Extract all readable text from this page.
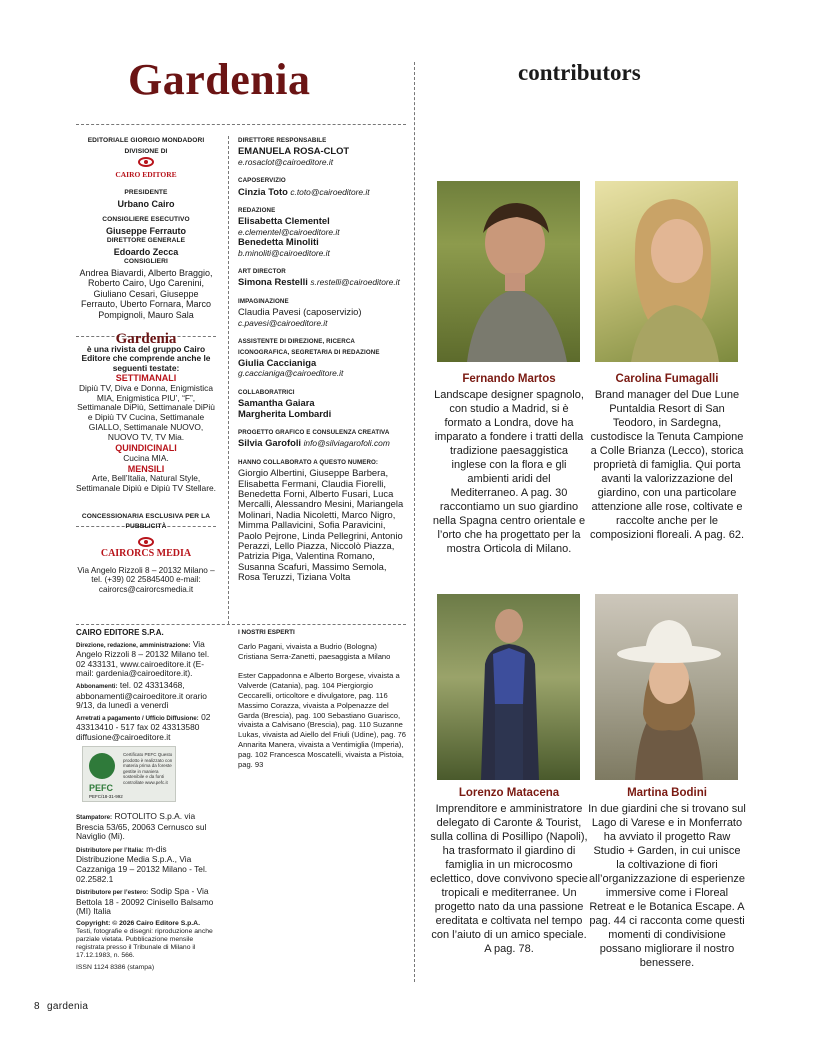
Gardenia	contributors
EDITORIALE GIORGIO MONDADORI
DIVISIONE DI
CAIRO EDITORE
PRESIDENTE
Urbano Cairo
CONSIGLIERE ESECUTIVO
Giuseppe Ferrauto
DIRETTORE GENERALE
Edoardo Zecca
CONSIGLIERI
Andrea Biavardi, Alberto Braggio, Roberto Cairo, Ugo Carenini, Giuliano Cesari, Giuseppe Ferrauto, Uberto Fornara, Marco Pompignoli, Mauro Sala
Gardenia
è una rivista del gruppo Cairo Editore che comprende anche le seguenti testate:
SETTIMANALI
Dipiù TV, Diva e Donna, Enigmistica MIA, Enigmistica PIU’, “F”, Settimanale DiPiù, Settimanale DiPiù e Dipiù TV Cucina, Settimanale GIALLO, Settimanale NUOVO, NUOVO TV, TV Mia.
QUINDICINALI
Cucina MIA.
MENSILI
Arte, Bell’Italia, Natural Style, Settimanale Dipiù e Dipiù TV Stellare.
CONCESSIONARIA ESCLUSIVA PER LA PUBBLICITÀ
CAIRORCS MEDIA
Via Angelo Rizzoli 8 – 20132 Milano – tel. (+39) 02 25845400 e-mail: cairorcs@cairorcsmedia.it

CAIRO EDITORE S.P.A.

Direzione, redazione, amministrazione: Via Angelo Rizzoli 8 – 20132 Milano tel. 02 433131, www.cairoeditore.it (E-mail: gardenia@cairoeditore.it).

Abbonamenti: tel. 02 43313468, abbonamenti@cairoeditore.it orario 9/13, da lunedì a venerdì

Arretrati a pagamento / Ufficio Diffusione: 02 43313410 - 517 fax 02 43313580 diffusione@cairoeditore.it

PEFC
Certificato PEFC Questo prodotto è realizzato con materia prima da foreste gestite in maniera sostenibile e da fonti controllate www.pefc.it
PEFC/18-31-992

Stampatore: ROTOLITO S.p.A. via Brescia 53/65, 20063 Cernusco sul Naviglio (Mi).

Distributore per l’Italia: m-dis Distribuzione Media S.p.A., Via Cazzaniga 19 – 20132 Milano - Tel. 02.2582.1

Distributore per l’estero: Sodip Spa - Via Bettola 18 - 20092 Cinisello Balsamo (MI) Italia

Copyright: © 2026 Cairo Editore S.p.A.

Testi, fotografie e disegni: riproduzione anche parziale vietata. Pubblicazione mensile registrata presso il Tribunale di Milano il 17.12.1983, n. 566.

ISSN 1124 8386 (stampa)

DIRETTORE RESPONSABILE
EMANUELA ROSA-CLOT
e.rosaclot@cairoeditore.it
CAPOSERVIZIO
Cinzia Toto c.toto@cairoeditore.it
REDAZIONE
Elisabetta Clementel
e.clementel@cairoeditore.it
Benedetta Minoliti
b.minoliti@cairoeditore.it
ART DIRECTOR
Simona Restelli s.restelli@cairoeditore.it
IMPAGINAZIONE
Claudia Pavesi (caposervizio)
c.pavesi@cairoeditore.it
ASSISTENTE DI DIREZIONE, RICERCA ICONOGRAFICA, SEGRETARIA DI REDAZIONE
Giulia Caccianiga
g.caccianiga@cairoeditore.it
COLLABORATRICI
Samantha Gaiara
Margherita Lombardi
PROGETTO GRAFICO E CONSULENZA CREATIVA
Silvia Garofoli info@silviagarofoli.com
HANNO COLLABORATO A QUESTO NUMERO:
Giorgio Albertini, Giuseppe Barbera, Elisabetta Fermani, Claudia Fiorelli, Benedetta Forni, Alberto Fusari, Luca Mercalli, Alessandro Mesini, Mariangela Molinari, Nadia Nicoletti, Marco Nigro, Mimma Pallavicini, Sofia Paravicini, Paolo Pejrone, Linda Pellegrini, Antonio Perazzi, Lello Piazza, Niccolò Piazza, Patrizia Piga, Valentina Romano, Susanna Scafuri, Massimo Semola, Rosa Teruzzi, Tiziana Volta
I NOSTRI ESPERTI
Carlo Pagani, vivaista a Budrio (Bologna) Cristiana Serra-Zanetti, paesaggista a Milano
Ester Cappadonna e Alberto Borgese, vivaista a Valverde (Catania), pag. 104 Piergiorgio Ceccarelli, orticoltore e divulgatore, pag. 116 Massimo Corazza, vivaista a Polpenazze del Garda (Brescia), pag. 100 Sebastiano Guarisco, vivaista a Calvisano (Brescia), pag. 110 Suzanne Lukas, vivaista ad Aiello del Friuli (Udine), pag. 76 Annarita Manera, vivaista a Ventimiglia (Imperia), pag. 102 Francesca Moscatelli, vivaista a Pistoia, pag. 93
Fernando Martos
Landscape designer spagnolo, con studio a Madrid, si è formato a Londra, dove ha imparato a fondere i tratti della tradizione paesaggistica inglese con la flora e gli ambienti aridi del Mediterraneo. A pag. 30 raccontiamo un suo giardino nella Spagna centro orientale e l’orto che ha progettato per la mostra Orticola di Milano.
Carolina Fumagalli
Brand manager del Due Lune Puntaldia Resort di San Teodoro, in Sardegna, custodisce la Tenuta Campione a Colle Brianza (Lecco), storica proprietà di famiglia. Qui porta avanti la valorizzazione del giardino, con una particolare attenzione alle rose, coltivate e raccolte anche per le composizioni floreali. A pag. 62.
Lorenzo Matacena
Imprenditore e amministratore delegato di Caronte & Tourist, sulla collina di Posillipo (Napoli), ha trasformato il giardino di famiglia in un microcosmo eclettico, dove convivono specie tropicali e mediterranee. Un progetto nato da una passione ereditata e coltivata nel tempo con l’aiuto di un amico speciale. A pag. 78.
Martina Bodini
In due giardini che si trovano sul Lago di Varese e in Monferrato ha avviato il progetto Raw Studio + Garden, in cui unisce la coltivazione di fiori all’organizzazione di esperienze immersive come i Floreal Retreat e le Botanica Escape. A pag. 44 ci racconta come questi momenti di condivisione possano migliorare il nostro benessere.
8 gardenia
